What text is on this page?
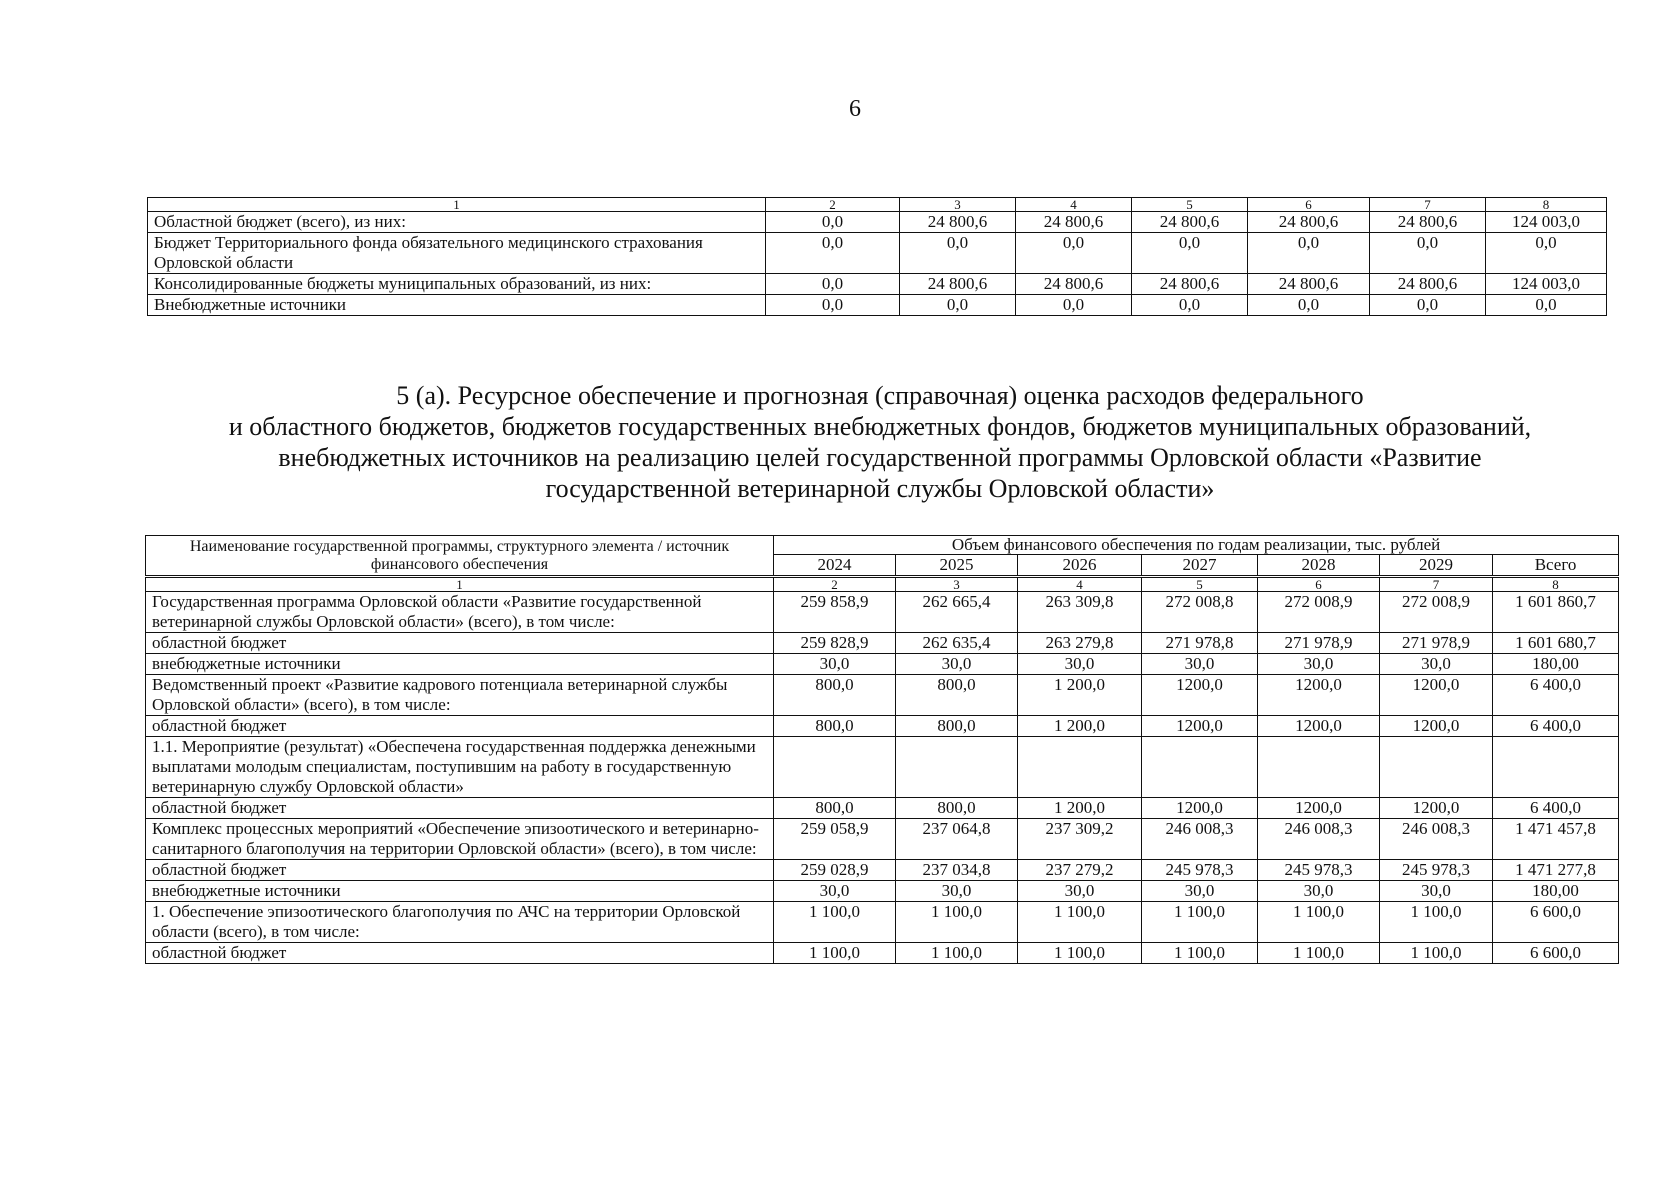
6
1	2	3	4	5	6	7	8
Областной бюджет (всего), из них:	0,0	24 800,6	24 800,6	24 800,6	24 800,6	24 800,6	124 003,0
Бюджет Территориального фонда обязательного медицинского страхования Орловской области	0,0	0,0	0,0	0,0	0,0	0,0	0,0
Консолидированные бюджеты муниципальных образований, из них:	0,0	24 800,6	24 800,6	24 800,6	24 800,6	24 800,6	124 003,0
Внебюджетные источники	0,0	0,0	0,0	0,0	0,0	0,0	0,0
5 (а). Ресурсное обеспечение и прогнозная (справочная) оценка расходов федерального
и областного бюджетов, бюджетов государственных внебюджетных фондов, бюджетов муниципальных образований,
внебюджетных источников на реализацию целей государственной программы Орловской области «Развитие
государственной ветеринарной службы Орловской области»
Наименование государственной программы, структурного элемента / источник финансового обеспечения	Объем финансового обеспечения по годам реализации, тыс. рублей						
	2024	2025	2026	2027	2028	2029	Всего

1	2	3	4	5	6	7	8
Государственная программа Орловской области «Развитие государственной ветеринарной службы Орловской области» (всего), в том числе:	259 858,9	262 665,4	263 309,8	272 008,8	272 008,9	272 008,9	1 601 860,7
областной бюджет	259 828,9	262 635,4	263 279,8	271 978,8	271 978,9	271 978,9	1 601 680,7
внебюджетные источники	30,0	30,0	30,0	30,0	30,0	30,0	180,00
Ведомственный проект «Развитие кадрового потенциала ветеринарной службы Орловской области» (всего), в том числе:	800,0	800,0	1 200,0	1200,0	1200,0	1200,0	6 400,0
областной бюджет	800,0	800,0	1 200,0	1200,0	1200,0	1200,0	6 400,0
1.1. Мероприятие (результат) «Обеспечена государственная поддержка денежными выплатами молодым специалистам, поступившим на работу в государственную ветеринарную службу Орловской области»							
областной бюджет	800,0	800,0	1 200,0	1200,0	1200,0	1200,0	6 400,0
Комплекс процессных мероприятий «Обеспечение эпизоотического и ветеринарно-санитарного благополучия на территории Орловской области» (всего), в том числе:	259 058,9	237 064,8	237 309,2	246 008,3	246 008,3	246 008,3	1 471 457,8
областной бюджет	259 028,9	237 034,8	237 279,2	245 978,3	245 978,3	245 978,3	1 471 277,8
внебюджетные источники	30,0	30,0	30,0	30,0	30,0	30,0	180,00
1. Обеспечение эпизоотического благополучия по АЧС на территории Орловской области (всего), в том числе:	1 100,0	1 100,0	1 100,0	1 100,0	1 100,0	1 100,0	6 600,0
областной бюджет	1 100,0	1 100,0	1 100,0	1 100,0	1 100,0	1 100,0	6 600,0
